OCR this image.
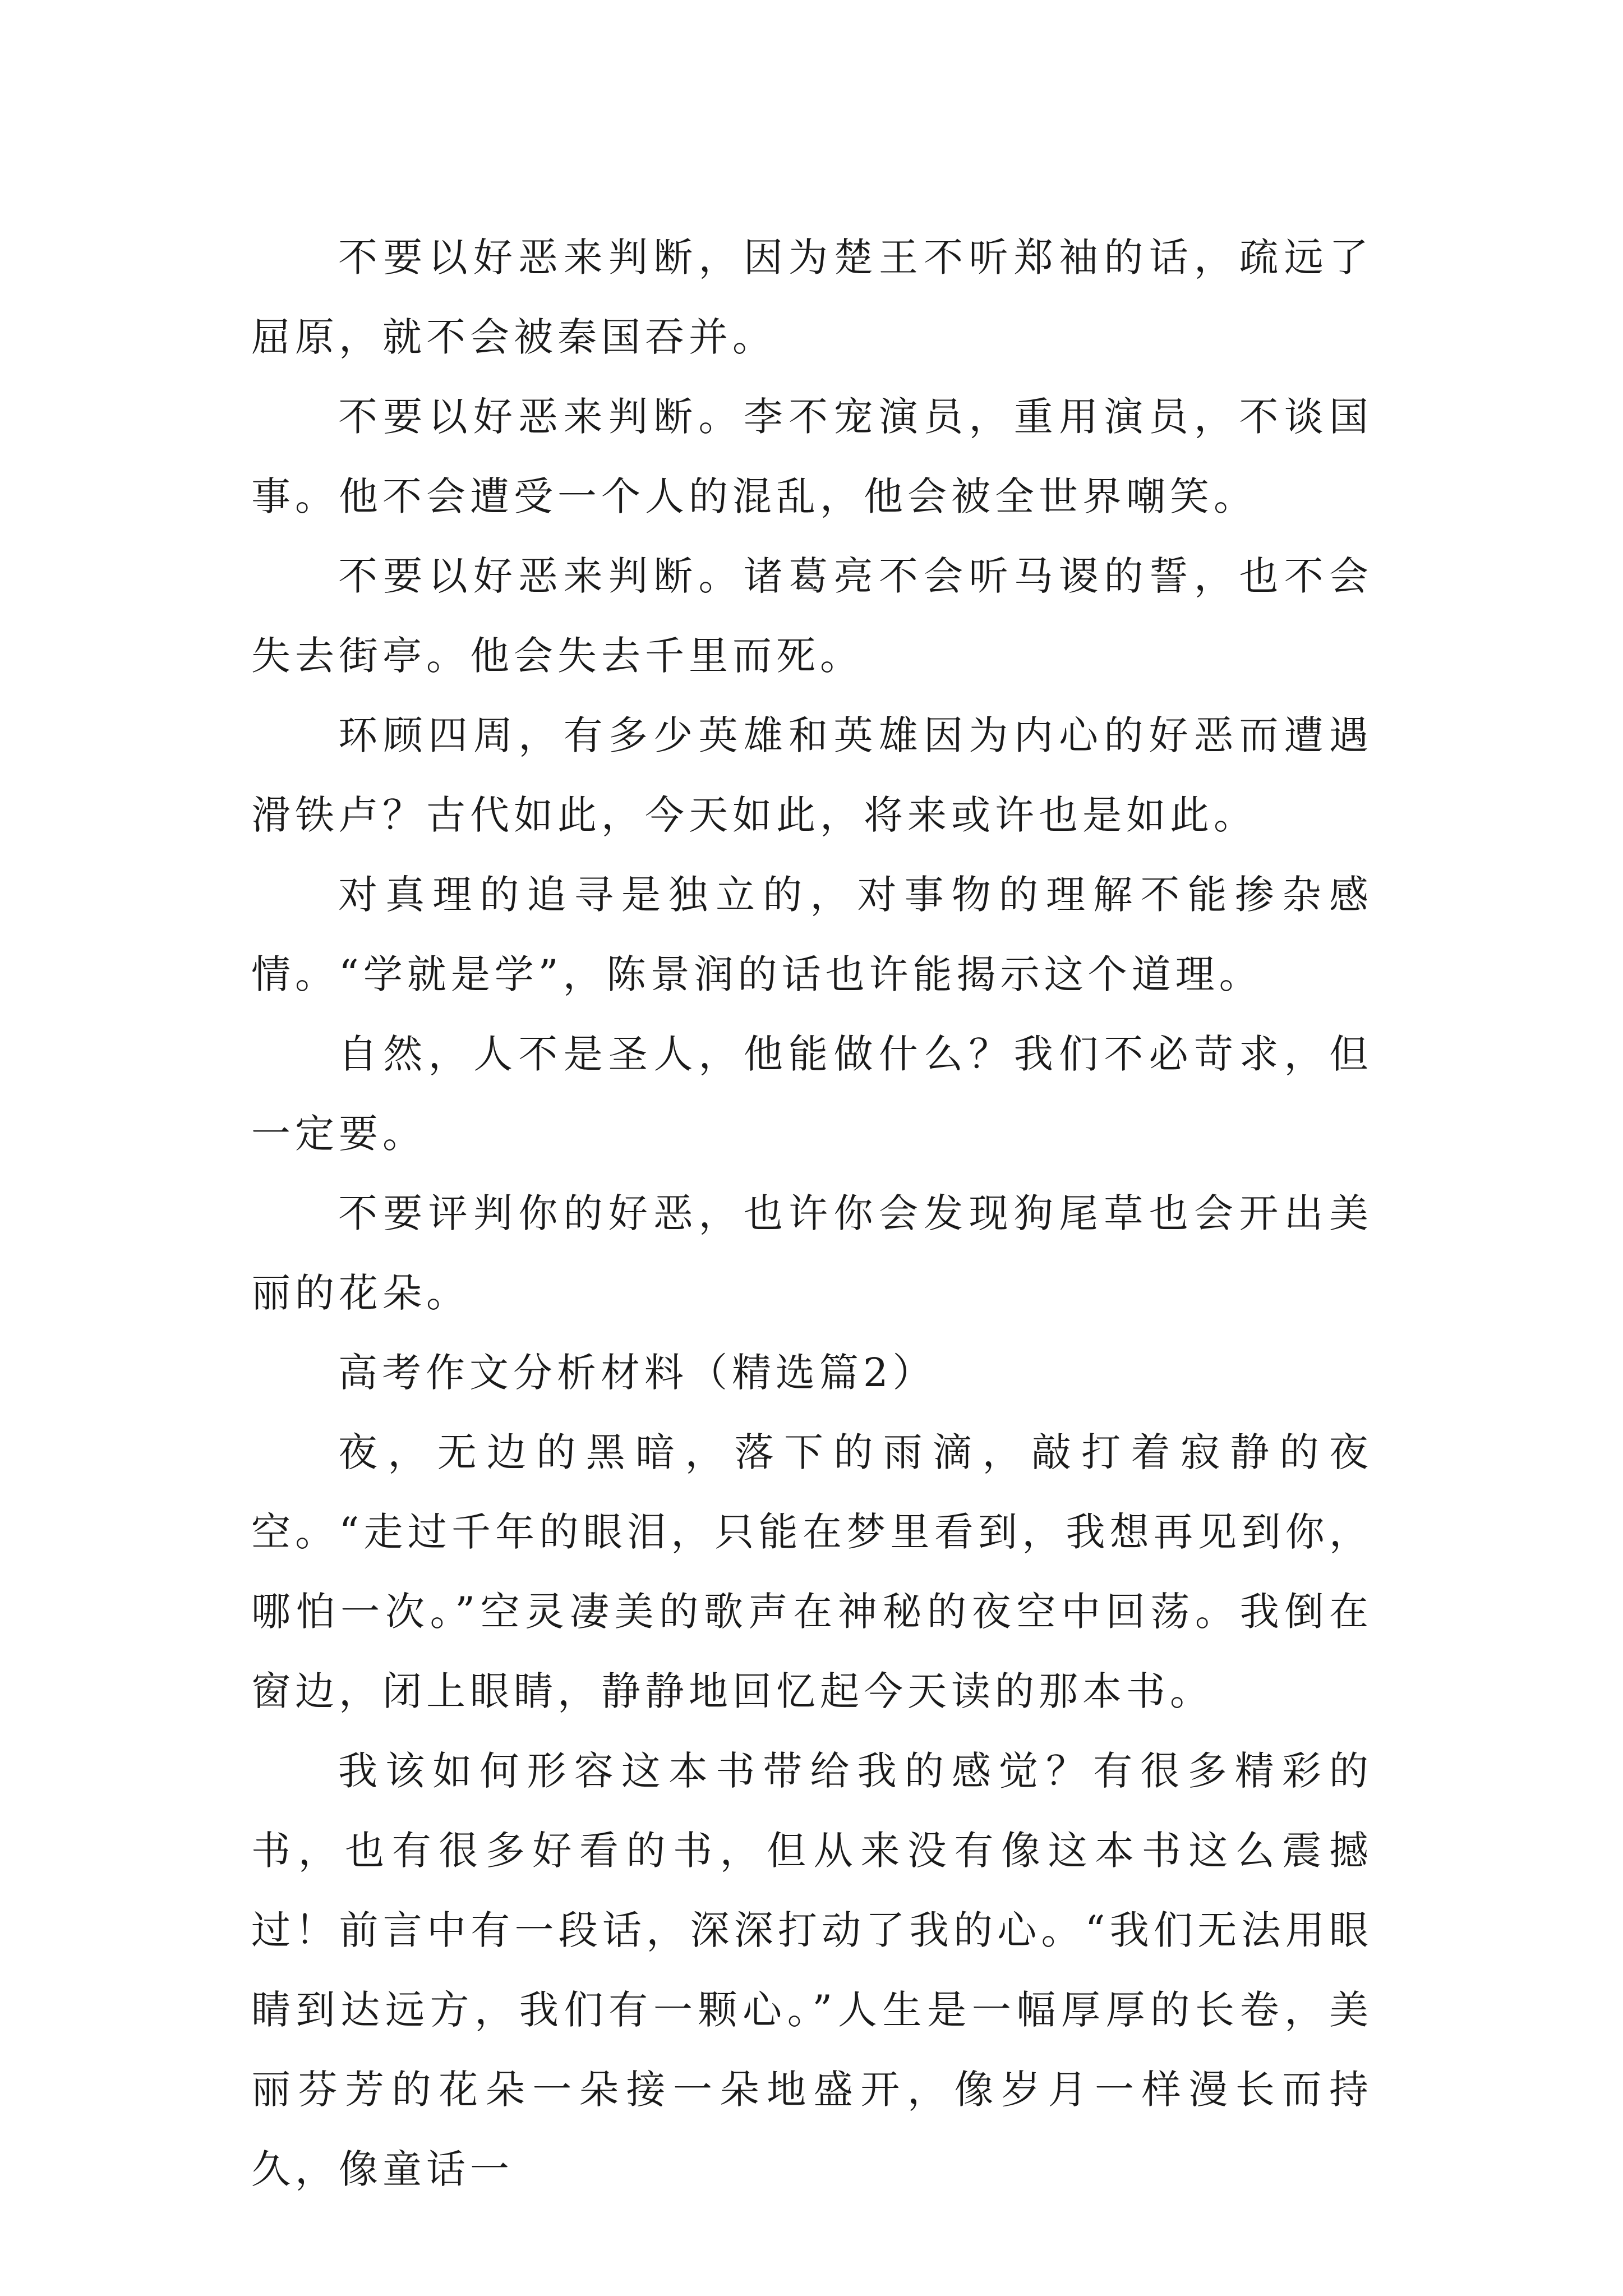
不要以好恶来判断，因为楚王不听郑袖的话，疏远了屈原，就不会被秦国吞并。

不要以好恶来判断。李不宠演员，重用演员，不谈国事。他不会遭受一个人的混乱，他会被全世界嘲笑。

不要以好恶来判断。诸葛亮不会听马谡的誓，也不会失去街亭。他会失去千里而死。

环顾四周，有多少英雄和英雄因为内心的好恶而遭遇滑铁卢？古代如此，今天如此，将来或许也是如此。

对真理的追寻是独立的，对事物的理解不能掺杂感情。“学就是学”，陈景润的话也许能揭示这个道理。

自然，人不是圣人，他能做什么？我们不必苛求，但一定要。

不要评判你的好恶，也许你会发现狗尾草也会开出美丽的花朵。

高考作文分析材料（精选篇2）

夜，无边的黑暗，落下的雨滴，敲打着寂静的夜空。“走过千年的眼泪，只能在梦里看到，我想再见到你，哪怕一次。”空灵凄美的歌声在神秘的夜空中回荡。我倒在窗边，闭上眼睛，静静地回忆起今天读的那本书。

我该如何形容这本书带给我的感觉？有很多精彩的书，也有很多好看的书，但从来没有像这本书这么震撼过！前言中有一段话，深深打动了我的心。“我们无法用眼睛到达远方，我们有一颗心。”人生是一幅厚厚的长卷，美丽芬芳的花朵一朵接一朵地盛开，像岁月一样漫长而持久，像童话一
